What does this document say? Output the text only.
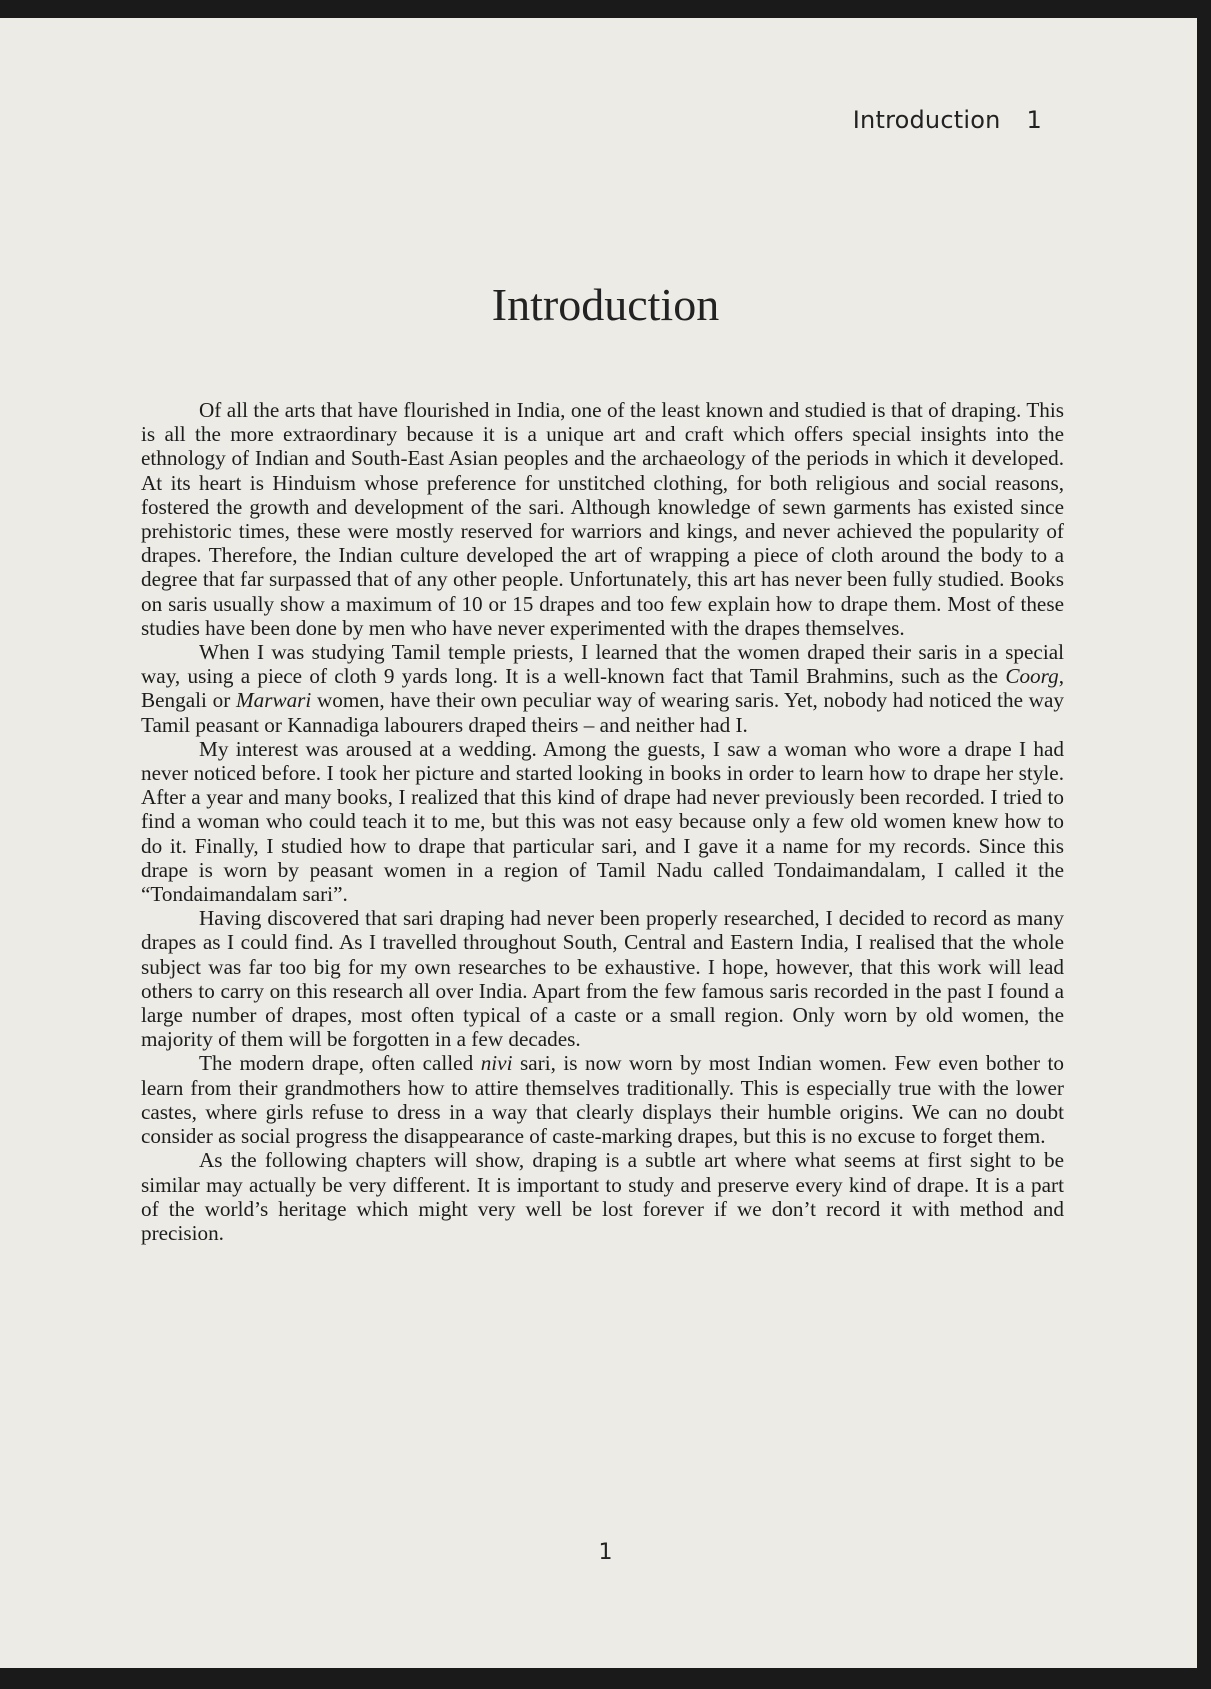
Introduction 1
Introduction

Of all the arts that have flourished in India, one of the least known and studied is that of draping. This is all the more extraordinary because it is a unique art and craft which offers special insights into the ethnology of Indian and South-East Asian peoples and the archaeology of the periods in which it developed. At its heart is Hinduism whose preference for unstitched clothing, for both religious and social reasons, fostered the growth and development of the sari. Although knowledge of sewn garments has existed since prehistoric times, these were mostly reserved for warriors and kings, and never achieved the popularity of drapes. Therefore, the Indian culture developed the art of wrapping a piece of cloth around the body to a degree that far surpassed that of any other people. Unfortunately, this art has never been fully studied. Books on saris usually show a maximum of 10 or 15 drapes and too few explain how to drape them. Most of these studies have been done by men who have never experimented with the drapes themselves.

When I was studying Tamil temple priests, I learned that the women draped their saris in a special way, using a piece of cloth 9 yards long. It is a well-known fact that Tamil Brahmins, such as the Coorg, Bengali or Marwari women, have their own peculiar way of wearing saris. Yet, nobody had noticed the way Tamil peasant or Kannadiga labourers draped theirs – and neither had I.

My interest was aroused at a wedding. Among the guests, I saw a woman who wore a drape I had never noticed before. I took her picture and started looking in books in order to learn how to drape her style. After a year and many books, I realized that this kind of drape had never previously been recorded. I tried to find a woman who could teach it to me, but this was not easy because only a few old women knew how to do it. Finally, I studied how to drape that particular sari, and I gave it a name for my records. Since this drape is worn by peasant women in a region of Tamil Nadu called Tondaimandalam, I called it the “Tondaimandalam sari”.

Having discovered that sari draping had never been properly researched, I decided to record as many drapes as I could find. As I travelled throughout South, Central and Eastern India, I realised that the whole subject was far too big for my own researches to be exhaustive. I hope, however, that this work will lead others to carry on this research all over India. Apart from the few famous saris recorded in the past I found a large number of drapes, most often typical of a caste or a small region. Only worn by old women, the majority of them will be forgotten in a few decades.

The modern drape, often called nivi sari, is now worn by most Indian women. Few even bother to learn from their grandmothers how to attire themselves traditionally. This is especially true with the lower castes, where girls refuse to dress in a way that clearly displays their humble origins. We can no doubt consider as social progress the disappearance of caste-marking drapes, but this is no excuse to forget them.

As the following chapters will show, draping is a subtle art where what seems at first sight to be similar may actually be very different. It is important to study and preserve every kind of drape. It is a part of the world’s heritage which might very well be lost forever if we don’t record it with method and precision.

1
